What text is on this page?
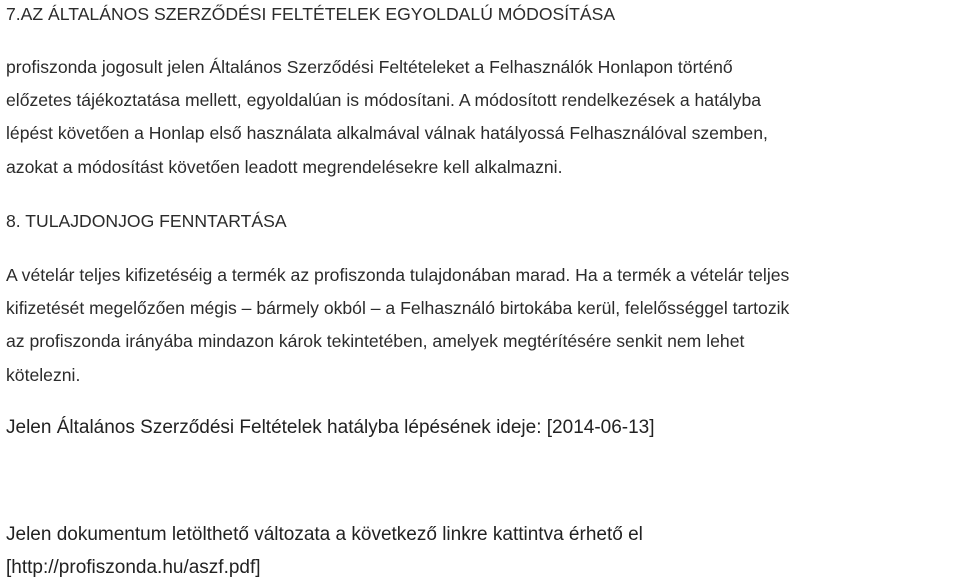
7.AZ ÁLTALÁNOS SZERZŐDÉSI FELTÉTELEK EGYOLDALÚ MÓDOSÍTÁSA
profiszonda jogosult jelen Általános Szerződési Feltételeket a Felhasználók Honlapon történő
előzetes tájékoztatása mellett, egyoldalúan is módosítani. A módosított rendelkezések a hatályba
lépést követően a Honlap első használata alkalmával válnak hatályossá Felhasználóval szemben,
azokat a módosítást követően leadott megrendelésekre kell alkalmazni.
8. TULAJDONJOG FENNTARTÁSA
A vételár teljes kifizetéséig a termék az profiszonda tulajdonában marad. Ha a termék a vételár teljes
kifizetését megelőzően mégis – bármely okból – a Felhasználó birtokába kerül, felelősséggel tartozik
az profiszonda irányába mindazon károk tekintetében, amelyek megtérítésére senkit nem lehet
kötelezni.
Jelen Általános Szerződési Feltételek hatályba lépésének ideje: [2014-06-13]
Jelen dokumentum letölthető változata a következő linkre kattintva érhető el
[http://profiszonda.hu/aszf.pdf]
